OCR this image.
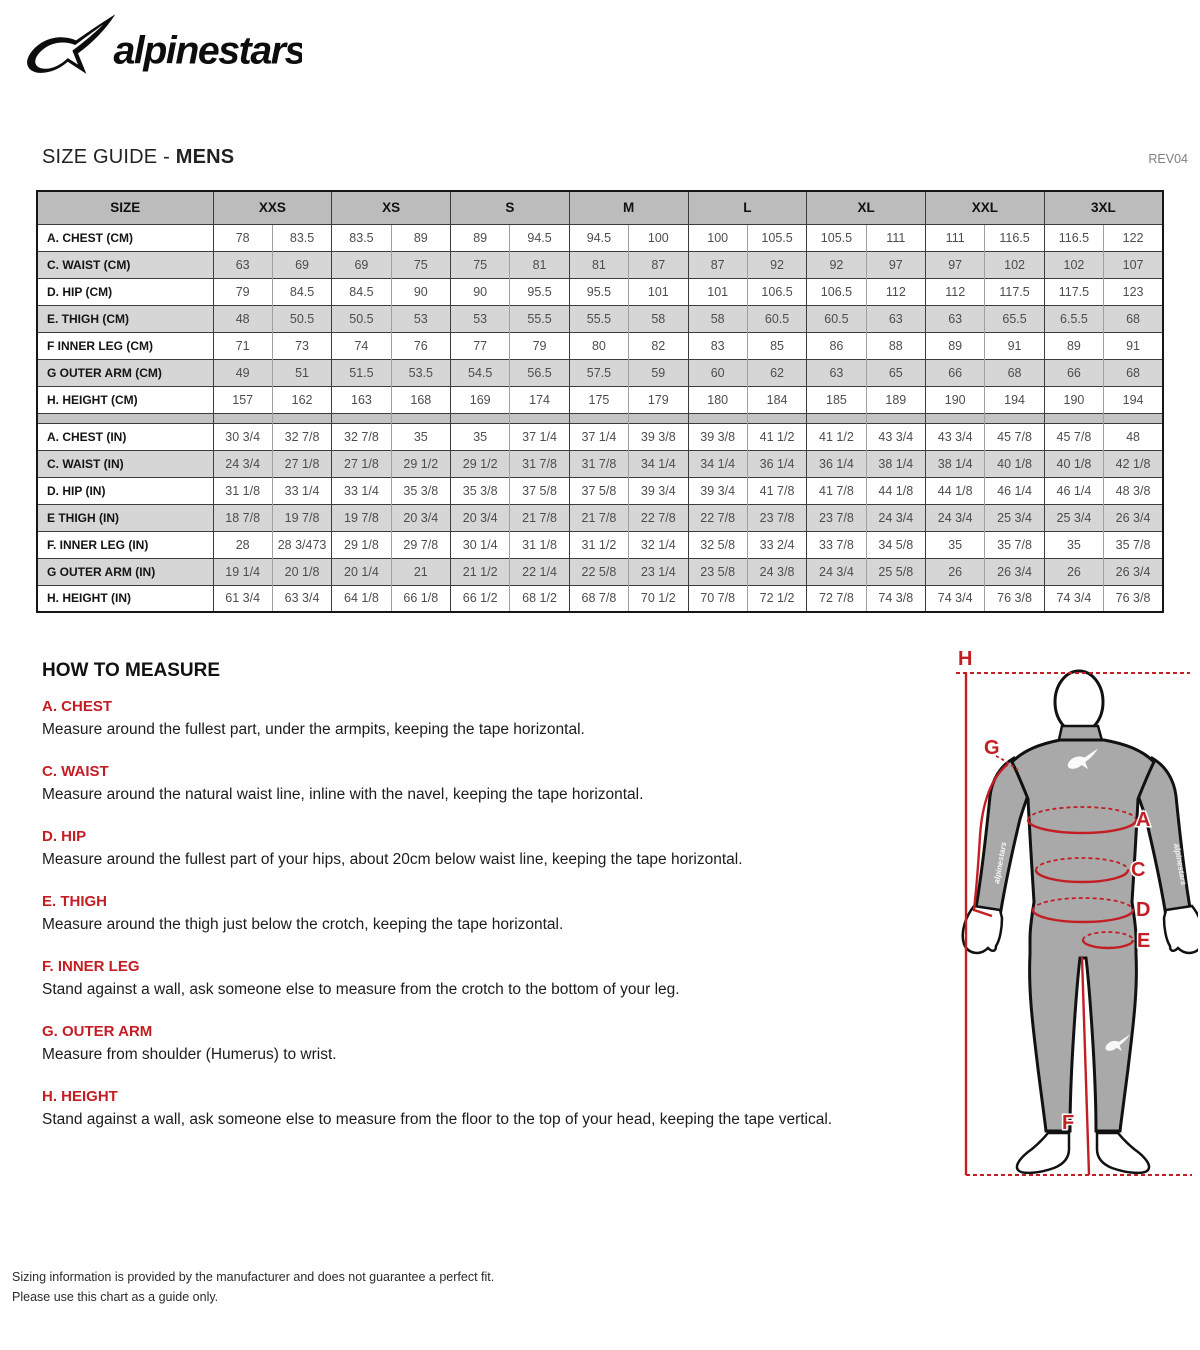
alpinestars
SIZE GUIDE - MENS	REV04
SIZE	XXS		XS		S		M		L		XL		XXL		3XL	
A. CHEST (CM)	78	83.5	83.5	89	89	94.5	94.5	100	100	105.5	105.5	111	111	116.5	116.5	122
C. WAIST (CM)	63	69	69	75	75	81	81	87	87	92	92	97	97	102	102	107
D. HIP (CM)	79	84.5	84.5	90	90	95.5	95.5	101	101	106.5	106.5	112	112	117.5	117.5	123
E. THIGH (CM)	48	50.5	50.5	53	53	55.5	55.5	58	58	60.5	60.5	63	63	65.5	6.5.5	68
F INNER LEG (CM)	71	73	74	76	77	79	80	82	83	85	86	88	89	91	89	91
G OUTER ARM (CM)	49	51	51.5	53.5	54.5	56.5	57.5	59	60	62	63	65	66	68	66	68
H. HEIGHT (CM)	157	162	163	168	169	174	175	179	180	184	185	189	190	194	190	194

A. CHEST (IN)	30 3/4	32 7/8	32 7/8	35	35	37 1/4	37 1/4	39 3/8	39 3/8	41 1/2	41 1/2	43 3/4	43 3/4	45 7/8	45 7/8	48
C. WAIST (IN)	24 3/4	27 1/8	27 1/8	29 1/2	29 1/2	31 7/8	31 7/8	34 1/4	34 1/4	36 1/4	36 1/4	38 1/4	38 1/4	40 1/8	40 1/8	42 1/8
D. HIP (IN)	31 1/8	33 1/4	33 1/4	35 3/8	35 3/8	37 5/8	37 5/8	39 3/4	39 3/4	41 7/8	41 7/8	44 1/8	44 1/8	46 1/4	46 1/4	48 3/8
E THIGH (IN)	18 7/8	19 7/8	19 7/8	20 3/4	20 3/4	21 7/8	21 7/8	22 7/8	22 7/8	23 7/8	23 7/8	24 3/4	24 3/4	25 3/4	25 3/4	26 3/4
F. INNER LEG (IN)	28	28 3/473	29 1/8	29 7/8	30 1/4	31 1/8	31 1/2	32 1/4	32 5/8	33 2/4	33 7/8	34 5/8	35	35 7/8	35	35 7/8
G OUTER ARM (IN)	19 1/4	20 1/8	20 1/4	21	21 1/2	22 1/4	22 5/8	23 1/4	23 5/8	24 3/8	24 3/4	25 5/8	26	26 3/4	26	26 3/4
H. HEIGHT (IN)	61 3/4	63 3/4	64 1/8	66 1/8	66 1/2	68 1/2	68 7/8	70 1/2	70 7/8	72 1/2	72 7/8	74 3/8	74 3/4	76 3/8	74 3/4	76 3/8
HOW TO MEASURE
A. CHEST

Measure around the fullest part, under the armpits, keeping the tape horizontal.

C. WAIST

Measure around the natural waist line, inline with the navel, keeping the tape horizontal.

D. HIP

Measure around the fullest part of your hips, about 20cm below waist line, keeping the tape horizontal.

E. THIGH

Measure around the thigh just below the crotch, keeping the tape horizontal.

F. INNER LEG

Stand against a wall, ask someone else to measure from the crotch to the bottom of your leg.

G. OUTER ARM

Measure from shoulder (Humerus) to wrist.

H. HEIGHT

Stand against a wall, ask someone else to measure from the floor to the top of your head, keeping the tape vertical.

alpinestars	alpinestars
H
G
A
C
D
E
F
Sizing information is provided by the manufacturer and does not guarantee a perfect fit.
Please use this chart as a guide only.
